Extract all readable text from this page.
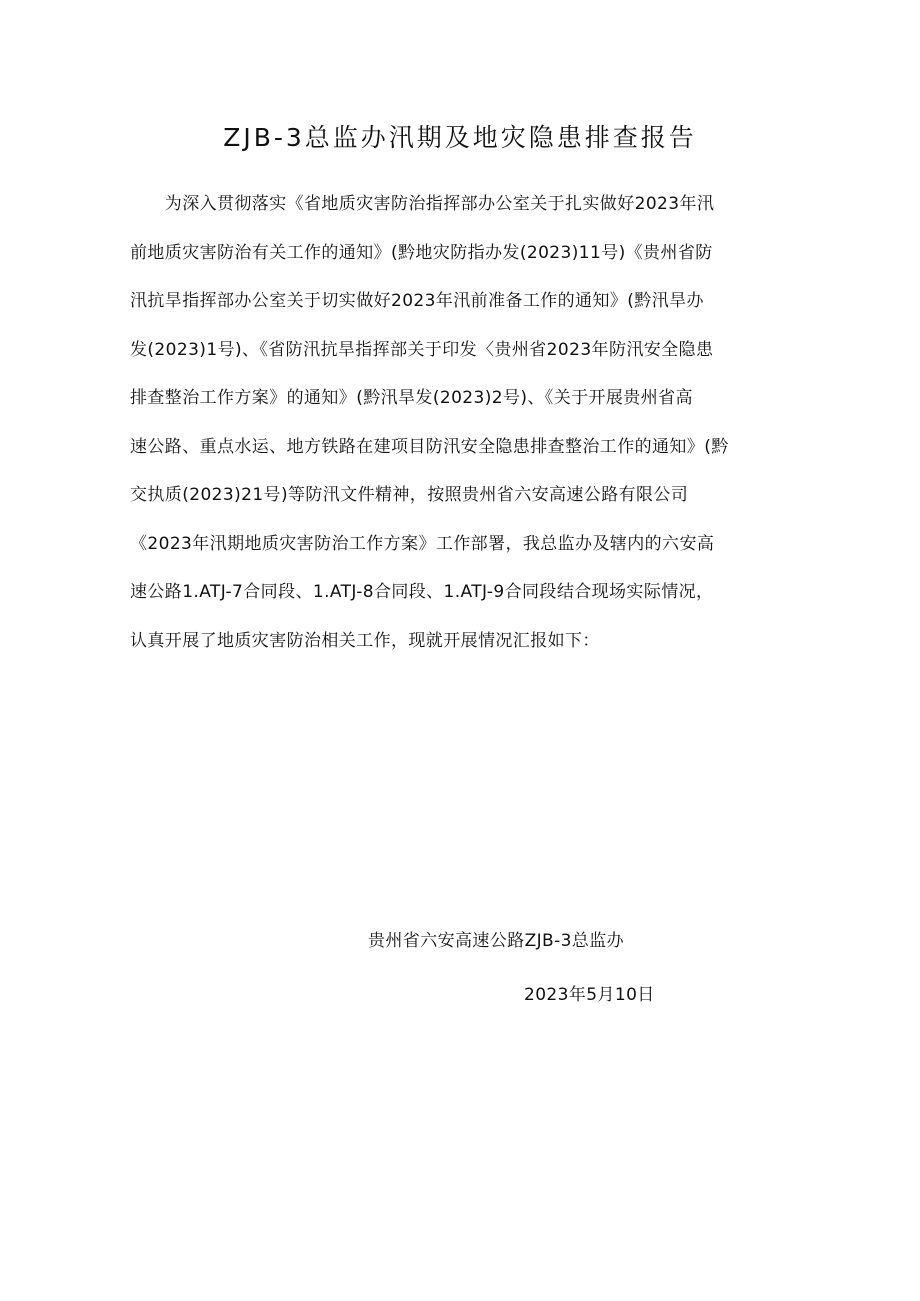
ZJB-3总监办汛期及地灾隐患排查报告
　　为深入贯彻落实《省地质灾害防治指挥部办公室关于扎实做好2023年汛
前地质灾害防治有关工作的通知》(黔地灾防指办发(2023)11号)《贵州省防
汛抗旱指挥部办公室关于切实做好2023年汛前准备工作的通知》(黔汛旱办
发(2023)1号)、《省防汛抗旱指挥部关于印发〈贵州省2023年防汛安全隐患
排查整治工作方案》的通知》(黔汛旱发(2023)2号)、《关于开展贵州省高
速公路、重点水运、地方铁路在建项目防汛安全隐患排查整治工作的通知》(黔
交执质(2023)21号)等防汛文件精神，按照贵州省六安高速公路有限公司
《2023年汛期地质灾害防治工作方案》工作部署，我总监办及辖内的六安高
速公路1.ATJ-7合同段、1.ATJ-8合同段、1.ATJ-9合同段结合现场实际情况，
认真开展了地质灾害防治相关工作，现就开展情况汇报如下：
贵州省六安高速公路ZJB-3总监办
2023年5月10日
